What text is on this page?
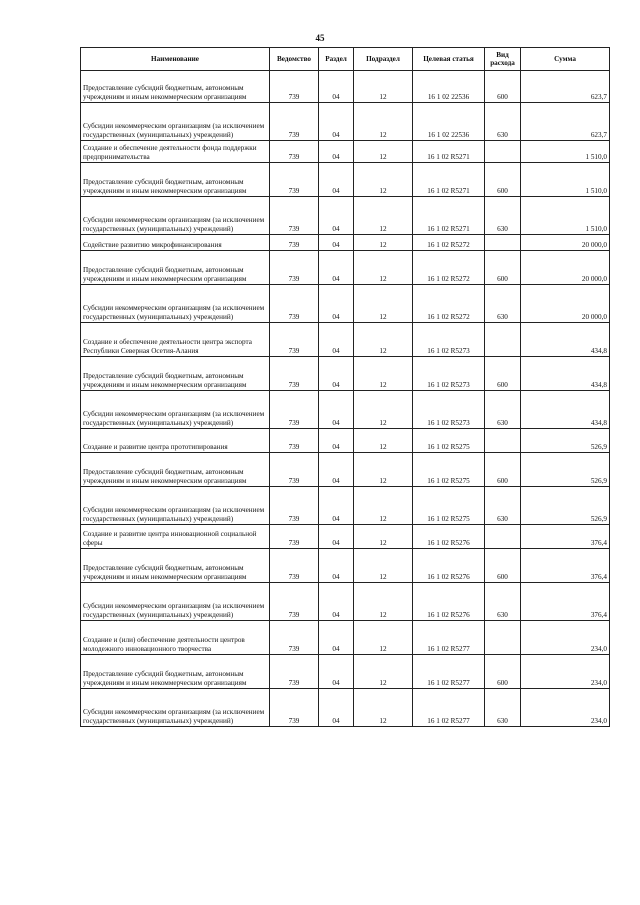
45
Наименование	Ведомство	Раздел	Подраздел	Целевая статья	Вид расхода	Сумма
Предоставление субсидий бюджетным, автономным учреждениям и иным некоммерческим организациям	739	04	12	16 1 02 22536	600	623,7
Субсидии некоммерческим организациям (за исключением государственных (муниципальных) учреждений)	739	04	12	16 1 02 22536	630	623,7
Создание и обеспечение деятельности фонда поддержки предпринимательства	739	04	12	16 1 02 R5271		1 510,0
Предоставление субсидий бюджетным, автономным учреждениям и иным некоммерческим организациям	739	04	12	16 1 02 R5271	600	1 510,0
Субсидии некоммерческим организациям (за исключением государственных (муниципальных) учреждений)	739	04	12	16 1 02 R5271	630	1 510,0
Содействие развитию микрофинансирования	739	04	12	16 1 02 R5272		20 000,0
Предоставление субсидий бюджетным, автономным учреждениям и иным некоммерческим организациям	739	04	12	16 1 02 R5272	600	20 000,0
Субсидии некоммерческим организациям (за исключением государственных (муниципальных) учреждений)	739	04	12	16 1 02 R5272	630	20 000,0
Создание и обеспечение деятельности центра экспорта Республики Северная Осетия-Алания	739	04	12	16 1 02 R5273		434,8
Предоставление субсидий бюджетным, автономным учреждениям и иным некоммерческим организациям	739	04	12	16 1 02 R5273	600	434,8
Субсидии некоммерческим организациям (за исключением государственных (муниципальных) учреждений)	739	04	12	16 1 02 R5273	630	434,8
Создание и развитие центра прототипирования	739	04	12	16 1 02 R5275		526,9
Предоставление субсидий бюджетным, автономным учреждениям и иным некоммерческим организациям	739	04	12	16 1 02 R5275	600	526,9
Субсидии некоммерческим организациям (за исключением государственных (муниципальных) учреждений)	739	04	12	16 1 02 R5275	630	526,9
Создание и развитие центра инновационной социальной сферы	739	04	12	16 1 02 R5276		376,4
Предоставление субсидий бюджетным, автономным учреждениям и иным некоммерческим организациям	739	04	12	16 1 02 R5276	600	376,4
Субсидии некоммерческим организациям (за исключением государственных (муниципальных) учреждений)	739	04	12	16 1 02 R5276	630	376,4
Создание и (или) обеспечение деятельности центров молодежного инновационного творчества	739	04	12	16 1 02 R5277		234,0
Предоставление субсидий бюджетным, автономным учреждениям и иным некоммерческим организациям	739	04	12	16 1 02 R5277	600	234,0
Субсидии некоммерческим организациям (за исключением государственных (муниципальных) учреждений)	739	04	12	16 1 02 R5277	630	234,0
